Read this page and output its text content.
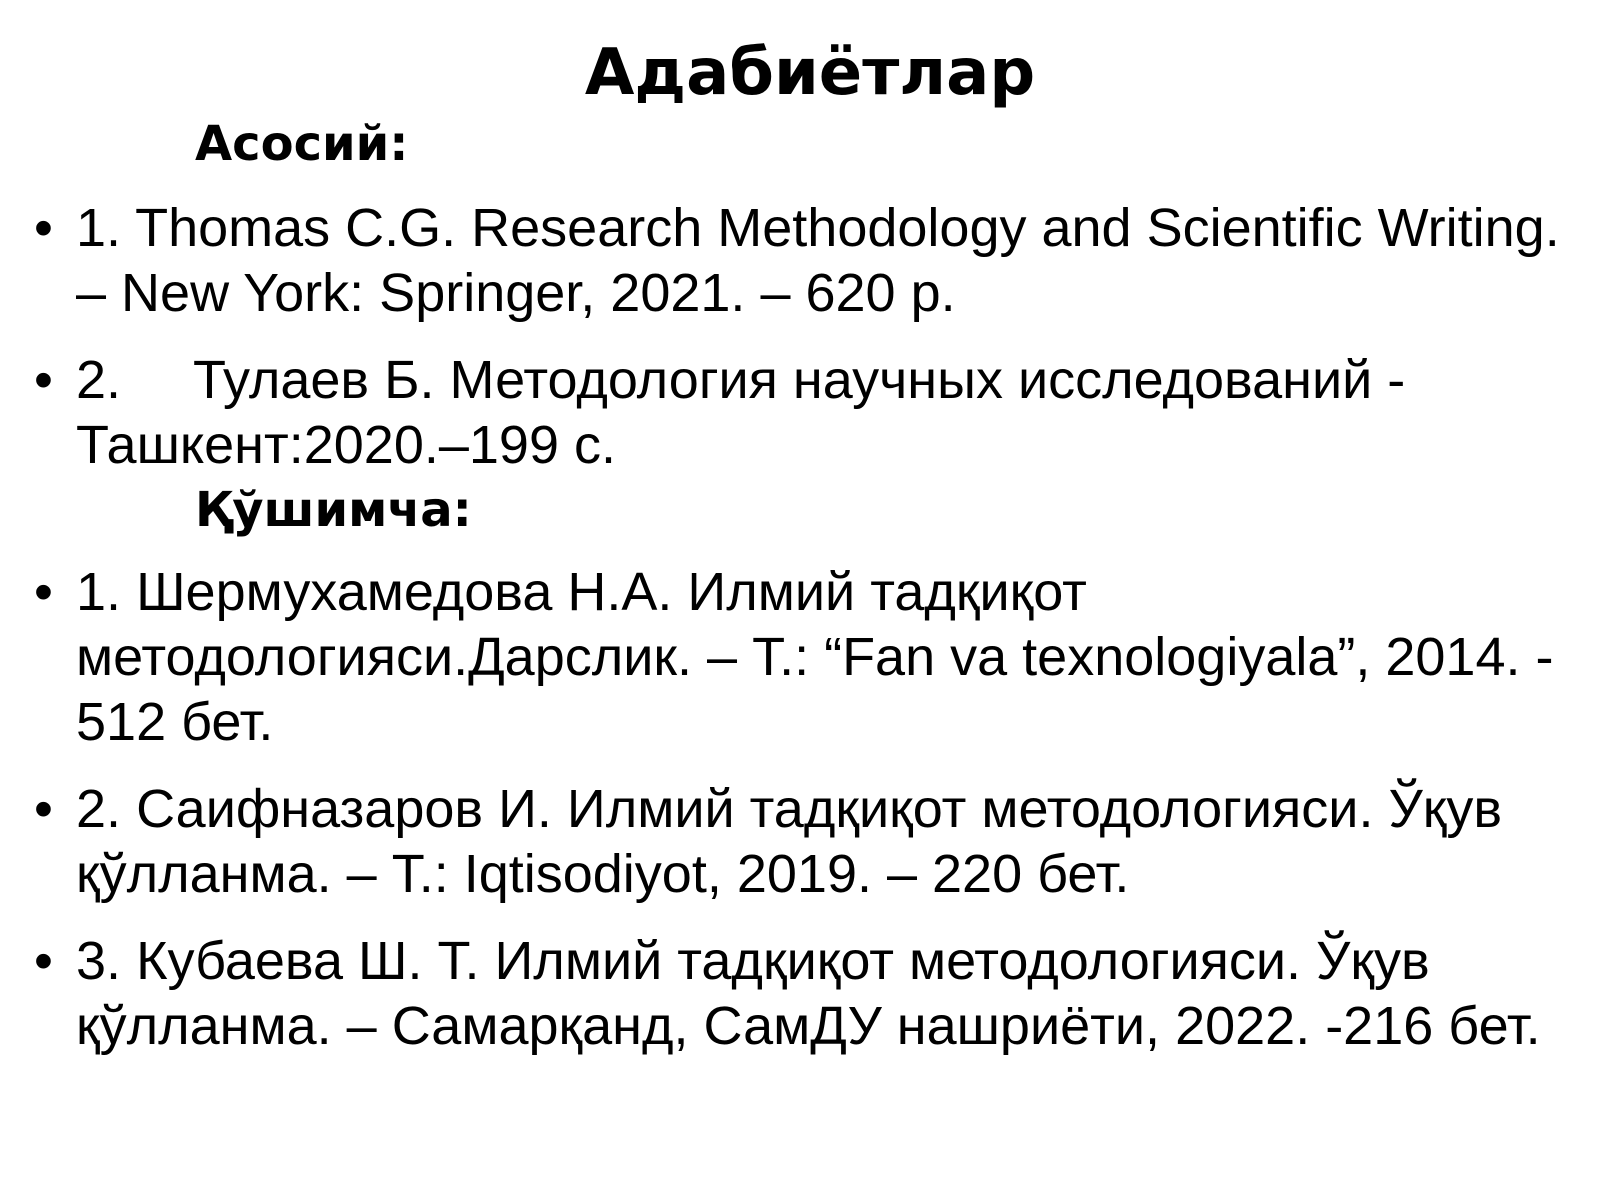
Адабиётлар
Асосий:
• 1. Thomas C.G. Research Methodology and Scientific Writing. – New York: Springer, 2021. – 620 p.
• 2. Тулаев Б. Методология научных исследований - Ташкент:2020.–199 с.
Қўшимча:
• 1. Шермухамедова Н.А. Илмий тадқиқот методологияси.Дарслик. – Т.: “Fan va texnologiyala”, 2014. - 512 бет.
• 2. Саифназаров И. Илмий тадқиқот методологияси. Ўқув қўлланма. – Т.: Iqtisodiyot, 2019. – 220 бет.
• 3. Кубаева Ш. Т. Илмий тадқиқот методологияси. Ўқув қўлланма. – Самарқанд, СамДУ нашриёти, 2022. -216 бет.
